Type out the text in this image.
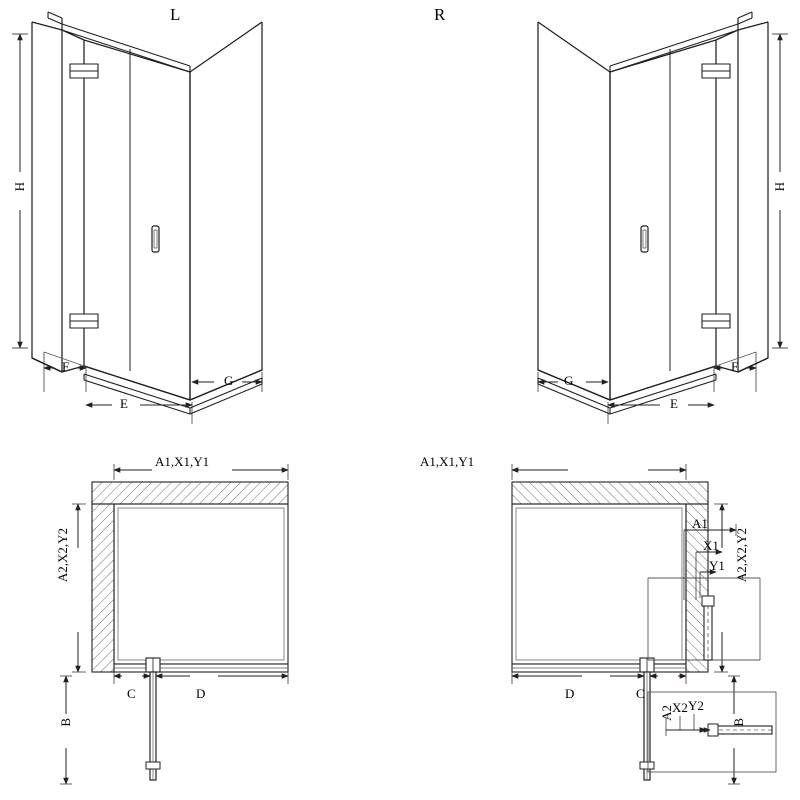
L	R
H	H
F
E
G
F
E
G
A1,X1,Y1
A2,X2,Y2
B
C	D
A1,X1,Y1
A2,X2,Y2
B
C
D
A1
X1
Y1
A2
X2 Y2
